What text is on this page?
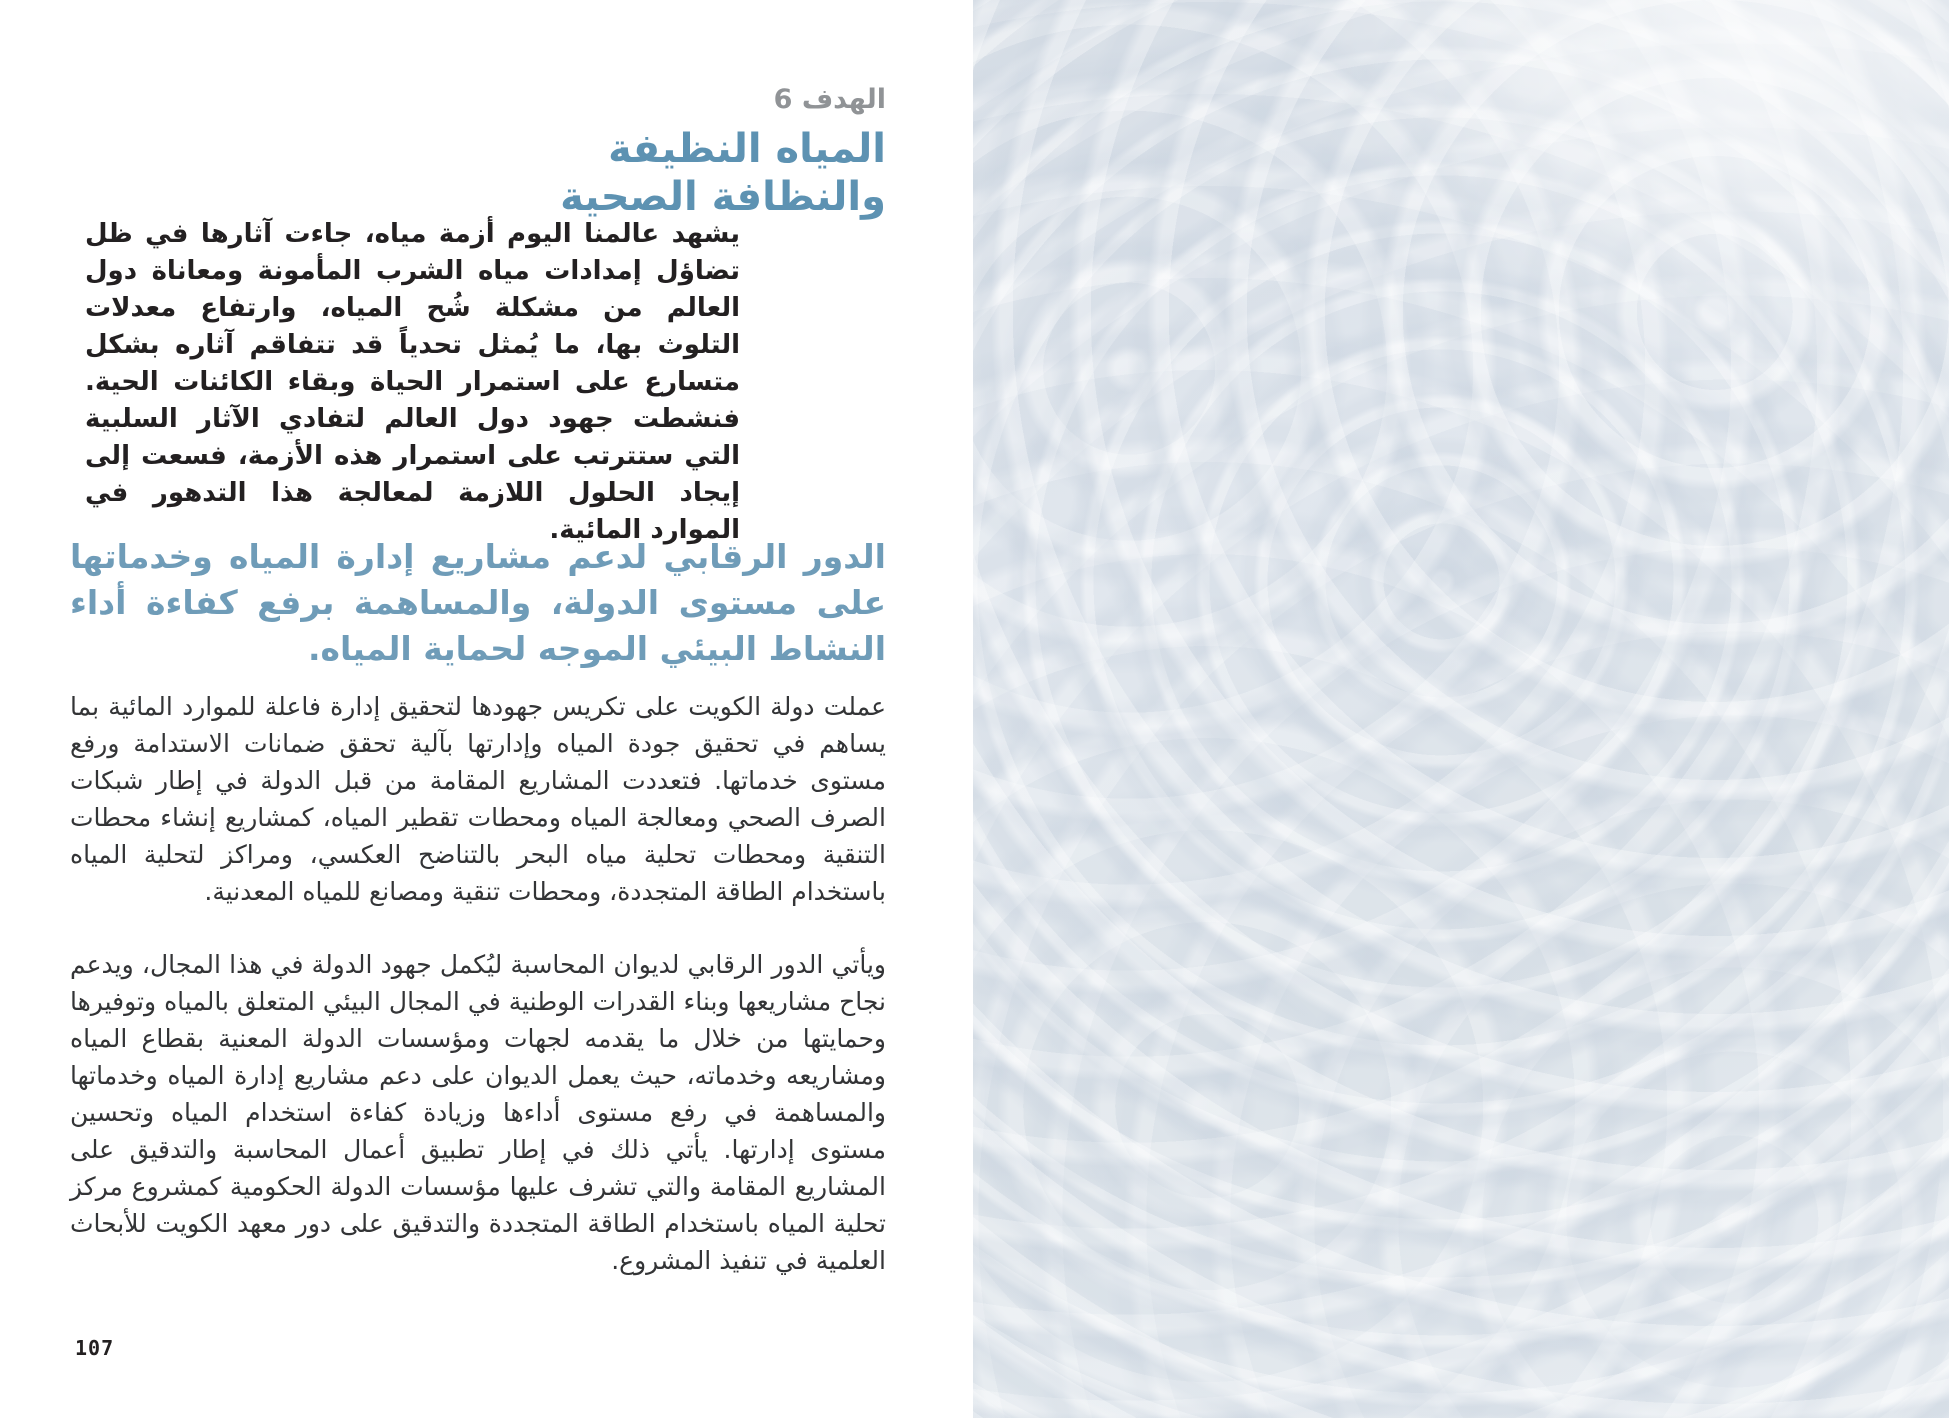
الهدف 6
المياه النظيفة
والنظافة الصحية
يشهد عالمنا اليوم أزمة مياه، جاءت آثارها في ظل تضاؤل إمدادات مياه الشرب المأمونة ومعاناة دول العالم من مشكلة شُح المياه، وارتفاع معدلات التلوث بها، ما يُمثل تحدياً قد تتفاقم آثاره بشكل متسارع على استمرار الحياة وبقاء الكائنات الحية. فنشطت جهود دول العالم لتفادي الآثار السلبية التي ستترتب على استمرار هذه الأزمة، فسعت إلى إيجاد الحلول اللازمة لمعالجة هذا التدهور في الموارد المائية.
الدور الرقابي لدعم مشاريع إدارة المياه وخدماتها على مستوى الدولة، والمساهمة برفع كفاءة أداء النشاط البيئي الموجه لحماية المياه.
عملت دولة الكويت على تكريس جهودها لتحقيق إدارة فاعلة للموارد المائية بما يساهم في تحقيق جودة المياه وإدارتها بآلية تحقق ضمانات الاستدامة ورفع مستوى خدماتها. فتعددت المشاريع المقامة من قبل الدولة في إطار شبكات الصرف الصحي ومعالجة المياه ومحطات تقطير المياه، كمشاريع إنشاء محطات التنقية ومحطات تحلية مياه البحر بالتناضح العكسي، ومراكز لتحلية المياه باستخدام الطاقة المتجددة، ومحطات تنقية ومصانع للمياه المعدنية.
ويأتي الدور الرقابي لديوان المحاسبة ليُكمل جهود الدولة في هذا المجال، ويدعم نجاح مشاريعها وبناء القدرات الوطنية في المجال البيئي المتعلق بالمياه وتوفيرها وحمايتها من خلال ما يقدمه لجهات ومؤسسات الدولة المعنية بقطاع المياه ومشاريعه وخدماته، حيث يعمل الديوان على دعم مشاريع إدارة المياه وخدماتها والمساهمة في رفع مستوى أداءها وزيادة كفاءة استخدام المياه وتحسين مستوى إدارتها. يأتي ذلك في إطار تطبيق أعمال المحاسبة والتدقيق على المشاريع المقامة والتي تشرف عليها مؤسسات الدولة الحكومية كمشروع مركز تحلية المياه باستخدام الطاقة المتجددة والتدقيق على دور معهد الكويت للأبحاث العلمية في تنفيذ المشروع.
107
